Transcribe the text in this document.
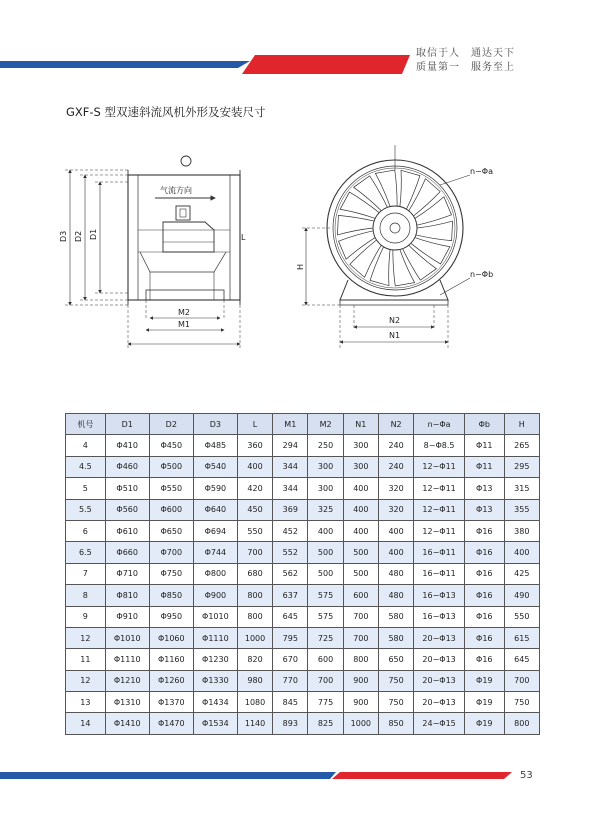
取信于人　通达天下
质量第一　服务至上
GXF-S 型双速斜流风机外形及安装尺寸
气流方向
D3 D2 D1	L
M2
M1
n−Φa
n−Φb
H
N2
N1
机号	D1	D2	D3	L	M1	M2	N1	N2	n−Φa	Φb	H
4	Φ410	Φ450	Φ485	360	294	250	300	240	8−Φ8.5	Φ11	265
4.5	Φ460	Φ500	Φ540	400	344	300	300	240	12−Φ11	Φ11	295
5	Φ510	Φ550	Φ590	420	344	300	400	320	12−Φ11	Φ13	315
5.5	Φ560	Φ600	Φ640	450	369	325	400	320	12−Φ11	Φ13	355
6	Φ610	Φ650	Φ694	550	452	400	400	400	12−Φ11	Φ16	380
6.5	Φ660	Φ700	Φ744	700	552	500	500	400	16−Φ11	Φ16	400
7	Φ710	Φ750	Φ800	680	562	500	500	480	16−Φ11	Φ16	425
8	Φ810	Φ850	Φ900	800	637	575	600	480	16−Φ13	Φ16	490
9	Φ910	Φ950	Φ1010	800	645	575	700	580	16−Φ13	Φ16	550
12	Φ1010	Φ1060	Φ1110	1000	795	725	700	580	20−Φ13	Φ16	615
11	Φ1110	Φ1160	Φ1230	820	670	600	800	650	20−Φ13	Φ16	645
12	Φ1210	Φ1260	Φ1330	980	770	700	900	750	20−Φ13	Φ19	700
13	Φ1310	Φ1370	Φ1434	1080	845	775	900	750	20−Φ13	Φ19	750
14	Φ1410	Φ1470	Φ1534	1140	893	825	1000	850	24−Φ15	Φ19	800
53
